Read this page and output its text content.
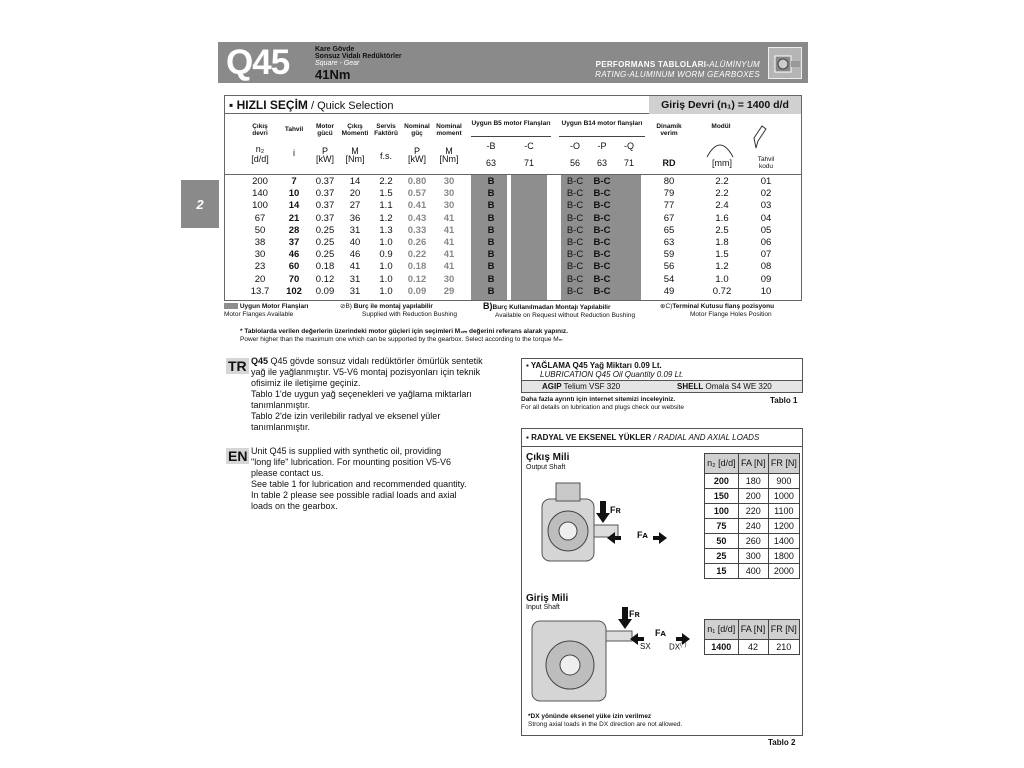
Q45	Kare Gövde
Sonsuz Vidalı Redüktörler
Square - Gear
41Nm
PERFORMANS TABLOLARI-ALÜMİNYUM
RATING-ALUMINUM WORM GEARBOXES
2
▪ HIZLI SEÇİM / Quick Selection	Giriş Devri (n₁) = 1400 d/d
Çıkış devri
Tahvil	Motor gücü
Çıkış Momenti
Servis Faktörü
Nominal güç
Nominal moment
Uygun B5 motor Flanşları	Uygun B14 motor flanşları	Dinamik verim
Modül
n₂
[d/d]
i	P
[kW]
M
[Nm]	f.s.	P
[kW]
M
[Nm]
-B	-C
63	71
-O	-P	-Q
56	63	71	RD	[mm]	Tahvil kodu
200	7	0.37	14	2.2	0.80	30	B	B-C	B-C	80	2.2	01
140	10	0.37	20	1.5	0.57	30	B	B-C	B-C	79	2.2	02
100	14	0.37	27	1.1	0.41	30	B	B-C	B-C	77	2.4	03
67	21	0.37	36	1.2	0.43	41	B	B-C	B-C	67	1.6	04
50	28	0.25	31	1.3	0.33	41	B	B-C	B-C	65	2.5	05
38	37	0.25	40	1.0	0.26	41	B	B-C	B-C	63	1.8	06
30	46	0.25	46	0.9	0.22	41	B	B-C	B-C	59	1.5	07
23	60	0.18	41	1.0	0.18	41	B	B-C	B-C	56	1.2	08
20	70	0.12	31	1.0	0.12	30	B	B-C	B-C	54	1.0	09
13.7	102	0.09	31	1.0	0.09	29	B	B-C	B-C	49	0.72	10
Uygun Motor Flanşları
Motor Flanges Available
⊘B) Burç ile montaj yapılabilir
Supplied with Reduction Bushing
B)Burç Kullanılmadan Montajı Yapılabilir
Available on Request without Reduction Bushing
⊕C)Terminal Kutusu flanş pozisyonu
Motor Flange Holes Position
* Tablolarda verilen değerlerin üzerindeki motor güçleri için seçimleri M₂ₘ değerini referans alarak yapınız.
Power higher than the maximum one which can be supported by the gearbox. Select according to the torque Mₘ
TR Q45 Q45 gövde sonsuz vidalı redüktörler ömürlük sentetik
yağ ile yağlanmıştır. V5-V6 montaj pozisyonları için teknik
ofisimiz ile iletişime geçiniz.
Tablo 1'de uygun yağ seçenekleri ve yağlama miktarları
tanımlanmıştır.
Tablo 2'de izin verilebilir radyal ve eksenel yüler
tanımlanmıştır.
EN Unit Q45 is supplied with synthetic oil, providing
"long life" lubrication. For mounting position V5-V6
please contact us.
See table 1 for lubrication and recommended quantity.
In table 2 please see possible radial loads and axial
loads on the gearbox.
▪ YAĞLAMA Q45 Yağ Miktarı 0.09 Lt.
LUBRICATION Q45 Oil Quantity 0.09 Lt.
AGIP Telium VSF 320	SHELL Omala S4 WE 320
Daha fazla ayrıntı için internet sitemizi inceleyiniz.
For all details on lubrication and plugs check our website
Tablo 1
▪ RADYAL VE EKSENEL YÜKLER / RADIAL AND AXIAL LOADS
Çıkış Mili
Output Shaft
Fʀ
Fᴀ
n₂ [d/d]	FA [N]	FR [N]
200	180	900
150	200	1000
100	220	1100
75	240	1200
50	260	1400
25	300	1800
15	400	2000
Giriş Mili
Input Shaft
Fʀ
Fᴀ
SX DX(*)
n₁ [d/d]	FA [N]	FR [N]
1400	42	210
*DX yönünde eksenel yüke izin verilmez
Strong axial loads in the DX direction are not allowed.
Tablo 2
